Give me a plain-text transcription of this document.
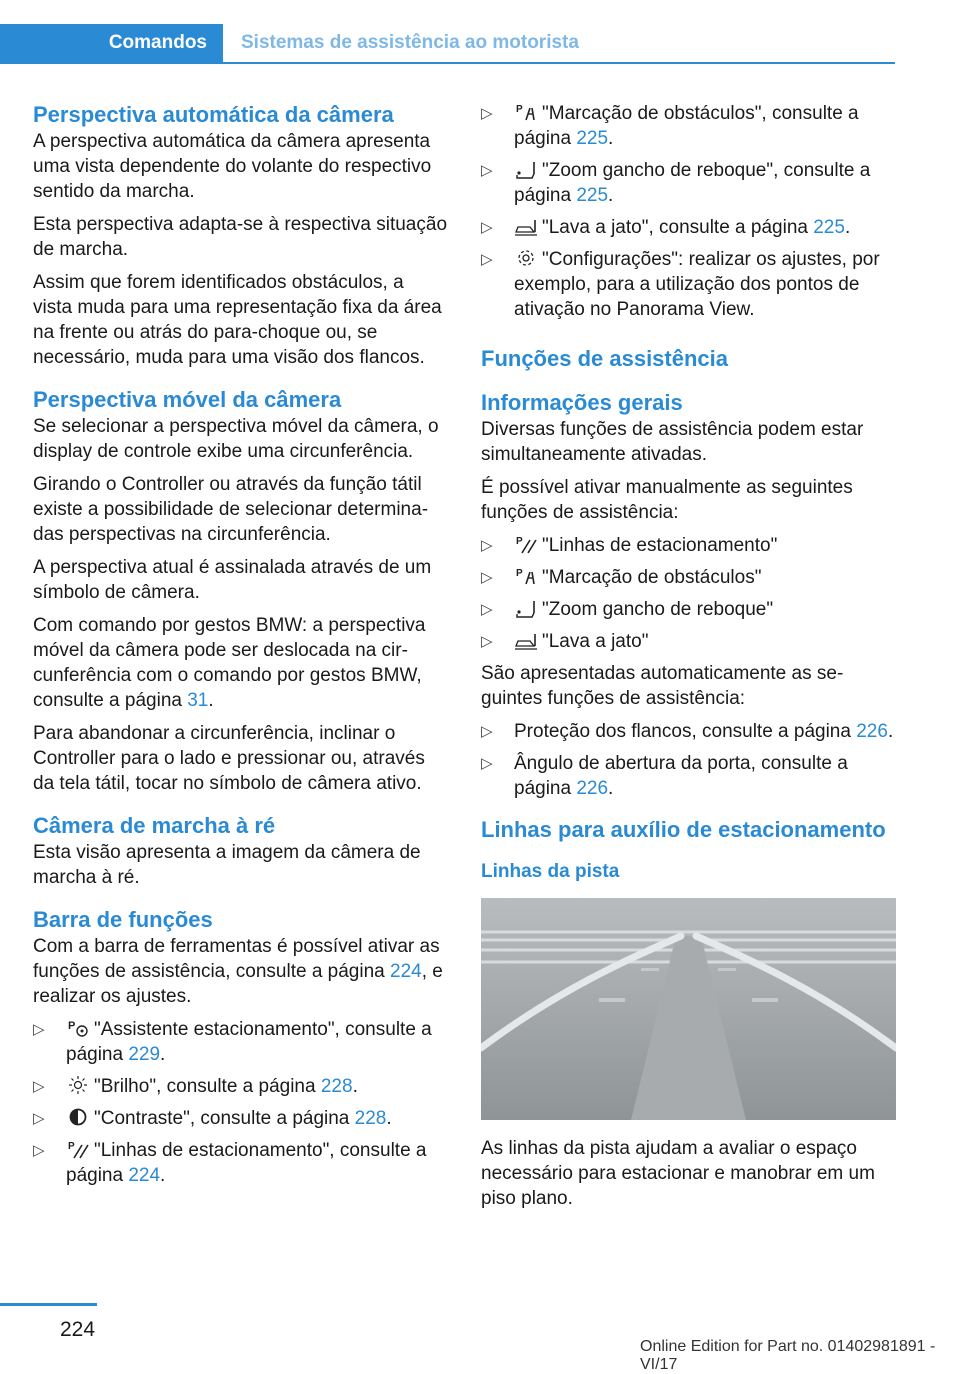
Comandos	Sistemas de assistência ao motorista
Perspectiva automática da câmera

A perspectiva automática da câmera apresenta uma vista dependente do volante do respectivo sentido da marcha.

Esta perspectiva adapta-se à respectiva situação de marcha.

Assim que forem identificados obstáculos, a vista muda para uma representação fixa da área na frente ou atrás do para-choque ou, se necessário, muda para uma visão dos flancos.

Perspectiva móvel da câmera

Se selecionar a perspectiva móvel da câmera, o display de controle exibe uma circunferência.

Girando o Controller ou através da função tátil existe a possibilidade de selecionar determinadas perspectivas na circunferência.

A perspectiva atual é assinalada através de um símbolo de câmera.

Com comando por gestos BMW: a perspectiva móvel da câmera pode ser deslocada na circunferência com o comando por gestos BMW, consulte a página 31.

Para abandonar a circunferência, inclinar o Controller para o lado e pressionar ou, através da tela tátil, tocar no símbolo de câmera ativo.

Câmera de marcha à ré

Esta visão apresenta a imagem da câmera de marcha à ré.

Barra de funções

Com a barra de ferramentas é possível ativar as funções de assistência, consulte a página 224, e realizar os ajustes.

▷ P "Assistente estacionamento", consulte a página 229.
▷	"Brilho", consulte a página 228.
▷	"Contraste", consulte a página 228.
▷ P "Linhas de estacionamento", consulte a página 224.
▷ P "Marcação de obstáculos", consulte a página 225.
▷	"Zoom gancho de reboque", consulte a página 225.
▷	"Lava a jato", consulte a página 225.
▷	"Configurações": realizar os ajustes, por exemplo, para a utilização dos pontos de ativação no Panorama View.
Funções de assistência
Informações gerais

Diversas funções de assistência podem estar simultaneamente ativadas.

É possível ativar manualmente as seguintes funções de assistência:

▷ P "Linhas de estacionamento"
▷ P "Marcação de obstáculos"
▷	"Zoom gancho de reboque"
▷	"Lava a jato"

São apresentadas automaticamente as seguintes funções de assistência:

▷ Proteção dos flancos, consulte a página 226.
▷ Ângulo de abertura da porta, consulte a página 226.
Linhas para auxílio de estacionamento
Linhas da pista

As linhas da pista ajudam a avaliar o espaço necessário para estacionar e manobrar em um piso plano.

224
Online Edition for Part no. 01402981891 - VI/17
